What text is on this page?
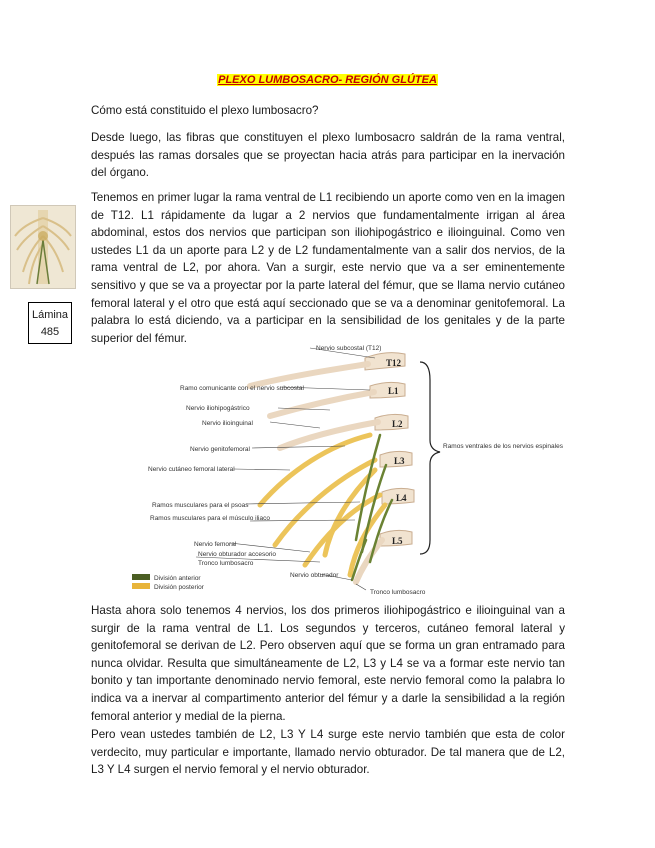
PLEXO LUMBOSACRO- REGIÓN GLÚTEA

Cómo está constituido el plexo lumbosacro?

Desde luego, las fibras que constituyen el plexo lumbosacro saldrán de la rama ventral, después las ramas dorsales que se proyectan hacia atrás para participar en la inervación del órgano.

Tenemos en primer lugar la rama ventral de L1 recibiendo un aporte como ven en la imagen de T12. L1 rápidamente da lugar a 2 nervios que fundamentalmente irrigan al área abdominal, estos dos nervios que participan son iliohipogástrico e ilioinguinal. Como ven ustedes L1 da un aporte para L2 y de L2 fundamentalmente van a salir dos nervios, de la rama ventral de L2, por ahora. Van a surgir, este nervio que va a ser eminentemente sensitivo y que se va a proyectar por la parte lateral del fémur, que se llama nervio cutáneo femoral lateral y el otro que está aquí seccionado que se va a denominar genitofemoral. La palabra lo está diciendo, va a participar en la sensibilidad de los genitales y de la parte superior del fémur.

Hasta ahora solo tenemos 4 nervios, los dos primeros iliohipogástrico e ilioinguinal van a surgir de la rama ventral de L1. Los segundos y terceros, cutáneo femoral lateral y genitofemoral se derivan de L2. Pero observen aquí que se forma un gran entramado para nunca olvidar. Resulta que simultáneamente de L2, L3 y L4 se va a formar este nervio tan bonito y tan importante denominado nervio femoral, este nervio femoral como la palabra lo indica va a inervar al compartimento anterior del fémur y a darle la sensibilidad a la región femoral anterior y medial de la pierna.

Pero vean ustedes también de L2, L3 Y L4 surge este nervio también que esta de color verdecito, muy particular e importante, llamado nervio obturador. De tal manera que de L2, L3 Y L4 surgen el nervio femoral y el nervio obturador.

Lámina
485
T12
L1
L2
L3
L4
L5
Ramos ventrales de los nervios espinales
Nervio subcostal (T12)
Ramo comunicante con el nervio subcostal
Nervio iliohipogástrico
Nervio ilioinguinal
Nervio genitofemoral
Nervio cutáneo femoral lateral
Ramos musculares para el psoas
Ramos musculares para el músculo iliaco
Nervio femoral
Nervio obturador accesorio
Tronco lumbosacro
Nervio obturador
Tronco lumbosacro
División anterior
División posterior
